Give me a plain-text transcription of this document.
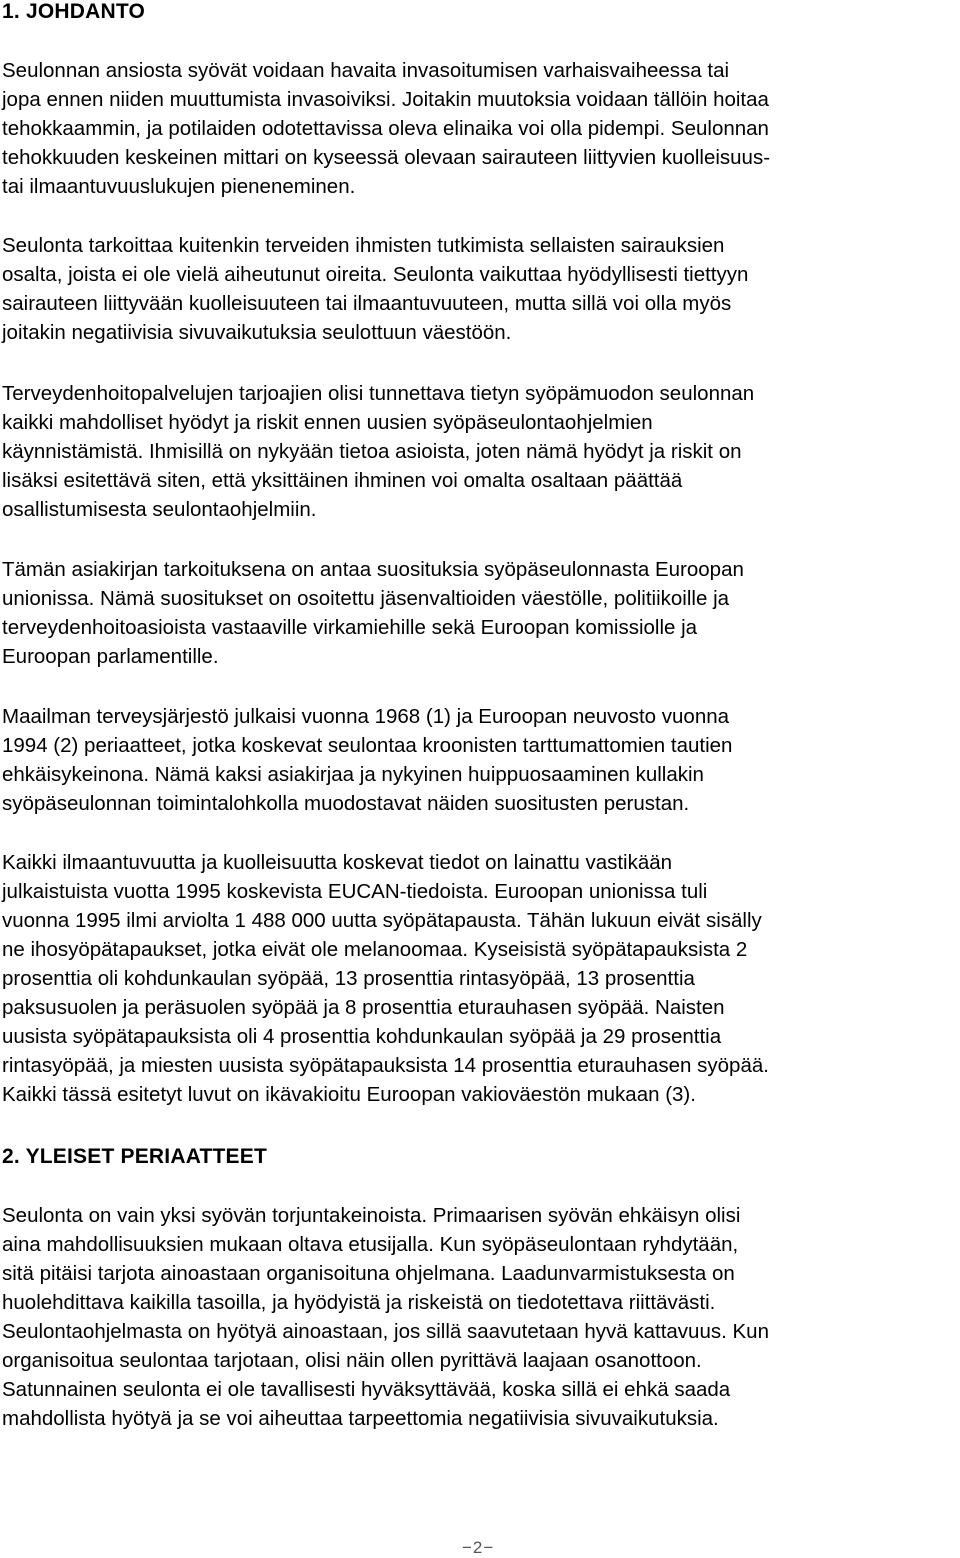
1. JOHDANTO

Seulonnan ansiosta syövät voidaan havaita invasoitumisen varhaisvaiheessa tai
jopa ennen niiden muuttumista invasoiviksi. Joitakin muutoksia voidaan tällöin hoitaa
tehokkaammin, ja potilaiden odotettavissa oleva elinaika voi olla pidempi. Seulonnan
tehokkuuden keskeinen mittari on kyseessä olevaan sairauteen liittyvien kuolleisuus-
tai ilmaantuvuuslukujen pieneneminen.

Seulonta tarkoittaa kuitenkin terveiden ihmisten tutkimista sellaisten sairauksien
osalta, joista ei ole vielä aiheutunut oireita. Seulonta vaikuttaa hyödyllisesti tiettyyn
sairauteen liittyvään kuolleisuuteen tai ilmaantuvuuteen, mutta sillä voi olla myös
joitakin negatiivisia sivuvaikutuksia seulottuun väestöön.

Terveydenhoitopalvelujen tarjoajien olisi tunnettava tietyn syöpämuodon seulonnan
kaikki mahdolliset hyödyt ja riskit ennen uusien syöpäseulontaohjelmien
käynnistämistä. Ihmisillä on nykyään tietoa asioista, joten nämä hyödyt ja riskit on
lisäksi esitettävä siten, että yksittäinen ihminen voi omalta osaltaan päättää
osallistumisesta seulontaohjelmiin.

Tämän asiakirjan tarkoituksena on antaa suosituksia syöpäseulonnasta Euroopan
unionissa. Nämä suositukset on osoitettu jäsenvaltioiden väestölle, politiikoille ja
terveydenhoitoasioista vastaaville virkamiehille sekä Euroopan komissiolle ja
Euroopan parlamentille.

Maailman terveysjärjestö julkaisi vuonna 1968 (1) ja Euroopan neuvosto vuonna
1994 (2) periaatteet, jotka koskevat seulontaa kroonisten tarttumattomien tautien
ehkäisykeinona. Nämä kaksi asiakirjaa ja nykyinen huippuosaaminen kullakin
syöpäseulonnan toimintalohkolla muodostavat näiden suositusten perustan.

Kaikki ilmaantuvuutta ja kuolleisuutta koskevat tiedot on lainattu vastikään
julkaistuista vuotta 1995 koskevista EUCAN-tiedoista. Euroopan unionissa tuli
vuonna 1995 ilmi arviolta 1 488 000 uutta syöpätapausta. Tähän lukuun eivät sisälly
ne ihosyöpätapaukset, jotka eivät ole melanoomaa. Kyseisistä syöpätapauksista 2
prosenttia oli kohdunkaulan syöpää, 13 prosenttia rintasyöpää, 13 prosenttia
paksusuolen ja peräsuolen syöpää ja 8 prosenttia eturauhasen syöpää. Naisten
uusista syöpätapauksista oli 4 prosenttia kohdunkaulan syöpää ja 29 prosenttia
rintasyöpää, ja miesten uusista syöpätapauksista 14 prosenttia eturauhasen syöpää.
Kaikki tässä esitetyt luvut on ikävakioitu Euroopan vakioväestön mukaan (3).

2. YLEISET PERIAATTEET

Seulonta on vain yksi syövän torjuntakeinoista. Primaarisen syövän ehkäisyn olisi
aina mahdollisuuksien mukaan oltava etusijalla. Kun syöpäseulontaan ryhdytään,
sitä pitäisi tarjota ainoastaan organisoituna ohjelmana. Laadunvarmistuksesta on
huolehdittava kaikilla tasoilla, ja hyödyistä ja riskeistä on tiedotettava riittävästi.
Seulontaohjelmasta on hyötyä ainoastaan, jos sillä saavutetaan hyvä kattavuus. Kun
organisoitua seulontaa tarjotaan, olisi näin ollen pyrittävä laajaan osanottoon.
Satunnainen seulonta ei ole tavallisesti hyväksyttävää, koska sillä ei ehkä saada
mahdollista hyötyä ja se voi aiheuttaa tarpeettomia negatiivisia sivuvaikutuksia.

−2−
